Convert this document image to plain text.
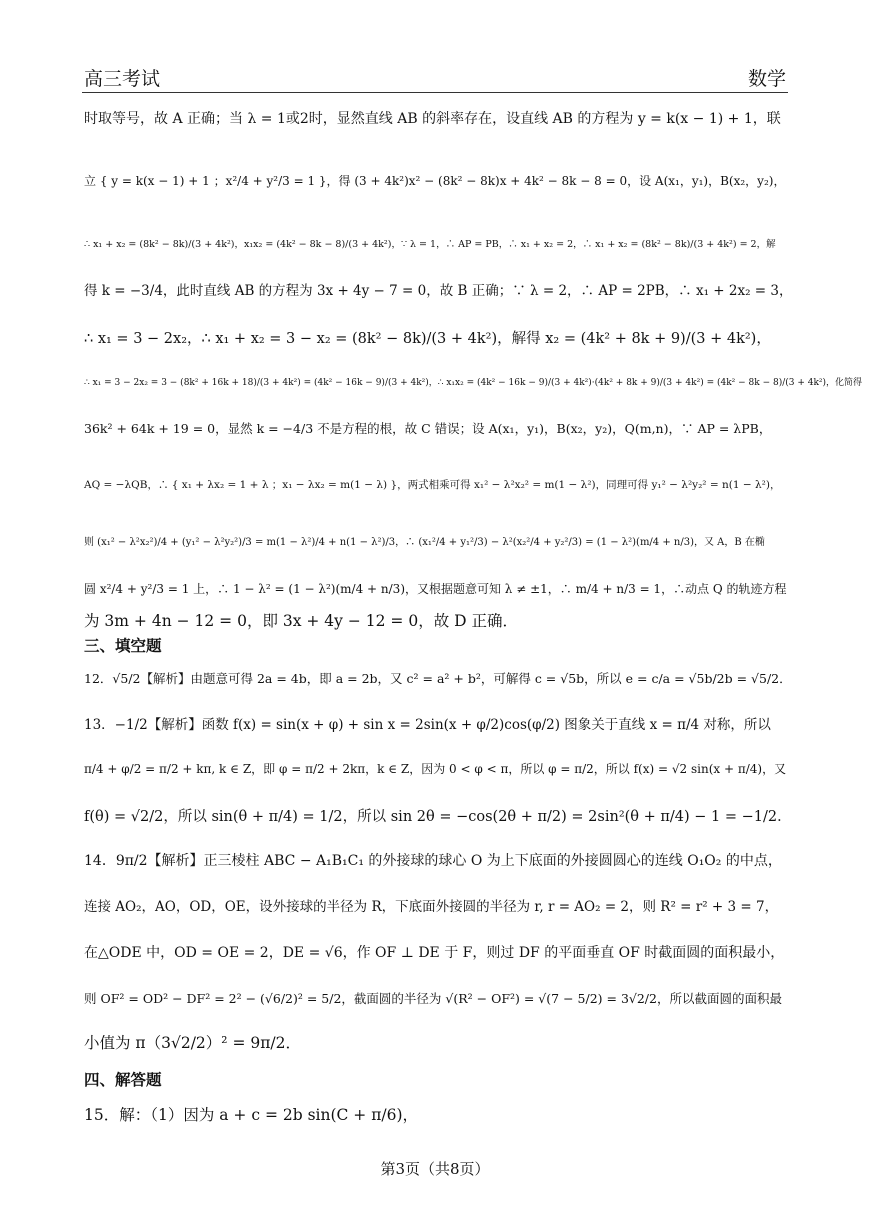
高三考试	数学
时取等号，故 A 正确；当 λ = 1或2时，显然直线 AB 的斜率存在，设直线 AB 的方程为 y = k(x − 1) + 1，联
立 { y = k(x − 1) + 1 ；x²/4 + y²/3 = 1 }，得 (3 + 4k²)x² − (8k² − 8k)x + 4k² − 8k − 8 = 0，设 A(x₁，y₁)，B(x₂，y₂)，
∴ x₁ + x₂ = (8k² − 8k)/(3 + 4k²)，x₁x₂ = (4k² − 8k − 8)/(3 + 4k²)，∵ λ = 1，∴ AP = PB，∴ x₁ + x₂ = 2，∴ x₁ + x₂ = (8k² − 8k)/(3 + 4k²) = 2，解
得 k = −3/4，此时直线 AB 的方程为 3x + 4y − 7 = 0，故 B 正确；∵ λ = 2，∴ AP = 2PB，∴ x₁ + 2x₂ = 3，
∴ x₁ = 3 − 2x₂，∴ x₁ + x₂ = 3 − x₂ = (8k² − 8k)/(3 + 4k²)，解得 x₂ = (4k² + 8k + 9)/(3 + 4k²)，
∴ x₁ = 3 − 2x₂ = 3 − (8k² + 16k + 18)/(3 + 4k²) = (4k² − 16k − 9)/(3 + 4k²)，∴ x₁x₂ = (4k² − 16k − 9)/(3 + 4k²)·(4k² + 8k + 9)/(3 + 4k²) = (4k² − 8k − 8)/(3 + 4k²)，化简得
36k² + 64k + 19 = 0，显然 k = −4/3 不是方程的根，故 C 错误；设 A(x₁，y₁)，B(x₂，y₂)，Q(m,n)，∵ AP = λPB，
AQ = −λQB，∴ { x₁ + λx₂ = 1 + λ ；x₁ − λx₂ = m(1 − λ) }，两式相乘可得 x₁² − λ²x₂² = m(1 − λ²)，同理可得 y₁² − λ²y₂² = n(1 − λ²)，
则 (x₁² − λ²x₂²)/4 + (y₁² − λ²y₂²)/3 = m(1 − λ²)/4 + n(1 − λ²)/3，∴ (x₁²/4 + y₁²/3) − λ²(x₂²/4 + y₂²/3) = (1 − λ²)(m/4 + n/3)，又 A，B 在椭
圆 x²/4 + y²/3 = 1 上，∴ 1 − λ² = (1 − λ²)(m/4 + n/3)，又根据题意可知 λ ≠ ±1，∴ m/4 + n/3 = 1，∴动点 Q 的轨迹方程
为 3m + 4n − 12 = 0，即 3x + 4y − 12 = 0，故 D 正确．
三、填空题
12．√5/2【解析】由题意可得 2a = 4b，即 a = 2b，又 c² = a² + b²，可解得 c = √5b，所以 e = c/a = √5b/2b = √5/2．
13．−1/2【解析】函数 f(x) = sin(x + φ) + sin x = 2sin(x + φ/2)cos(φ/2) 图象关于直线 x = π/4 对称，所以
π/4 + φ/2 = π/2 + kπ, k ∈ Z，即 φ = π/2 + 2kπ，k ∈ Z，因为 0 < φ < π，所以 φ = π/2，所以 f(x) = √2 sin(x + π/4)，又
f(θ) = √2/2，所以 sin(θ + π/4) = 1/2，所以 sin 2θ = −cos(2θ + π/2) = 2sin²(θ + π/4) − 1 = −1/2．
14．9π/2【解析】正三棱柱 ABC − A₁B₁C₁ 的外接球的球心 O 为上下底面的外接圆圆心的连线 O₁O₂ 的中点，
连接 AO₂，AO，OD，OE，设外接球的半径为 R，下底面外接圆的半径为 r, r = AO₂ = 2，则 R² = r² + 3 = 7，
在△ODE 中，OD = OE = 2，DE = √6，作 OF ⊥ DE 于 F，则过 DF 的平面垂直 OF 时截面圆的面积最小，
则 OF² = OD² − DF² = 2² − (√6/2)² = 5/2，截面圆的半径为 √(R² − OF²) = √(7 − 5/2) = 3√2/2，所以截面圆的面积最
小值为 π（3√2/2）² = 9π/2．
四、解答题
15．解：（1）因为 a + c = 2b sin(C + π/6)，
第3页（共8页）
